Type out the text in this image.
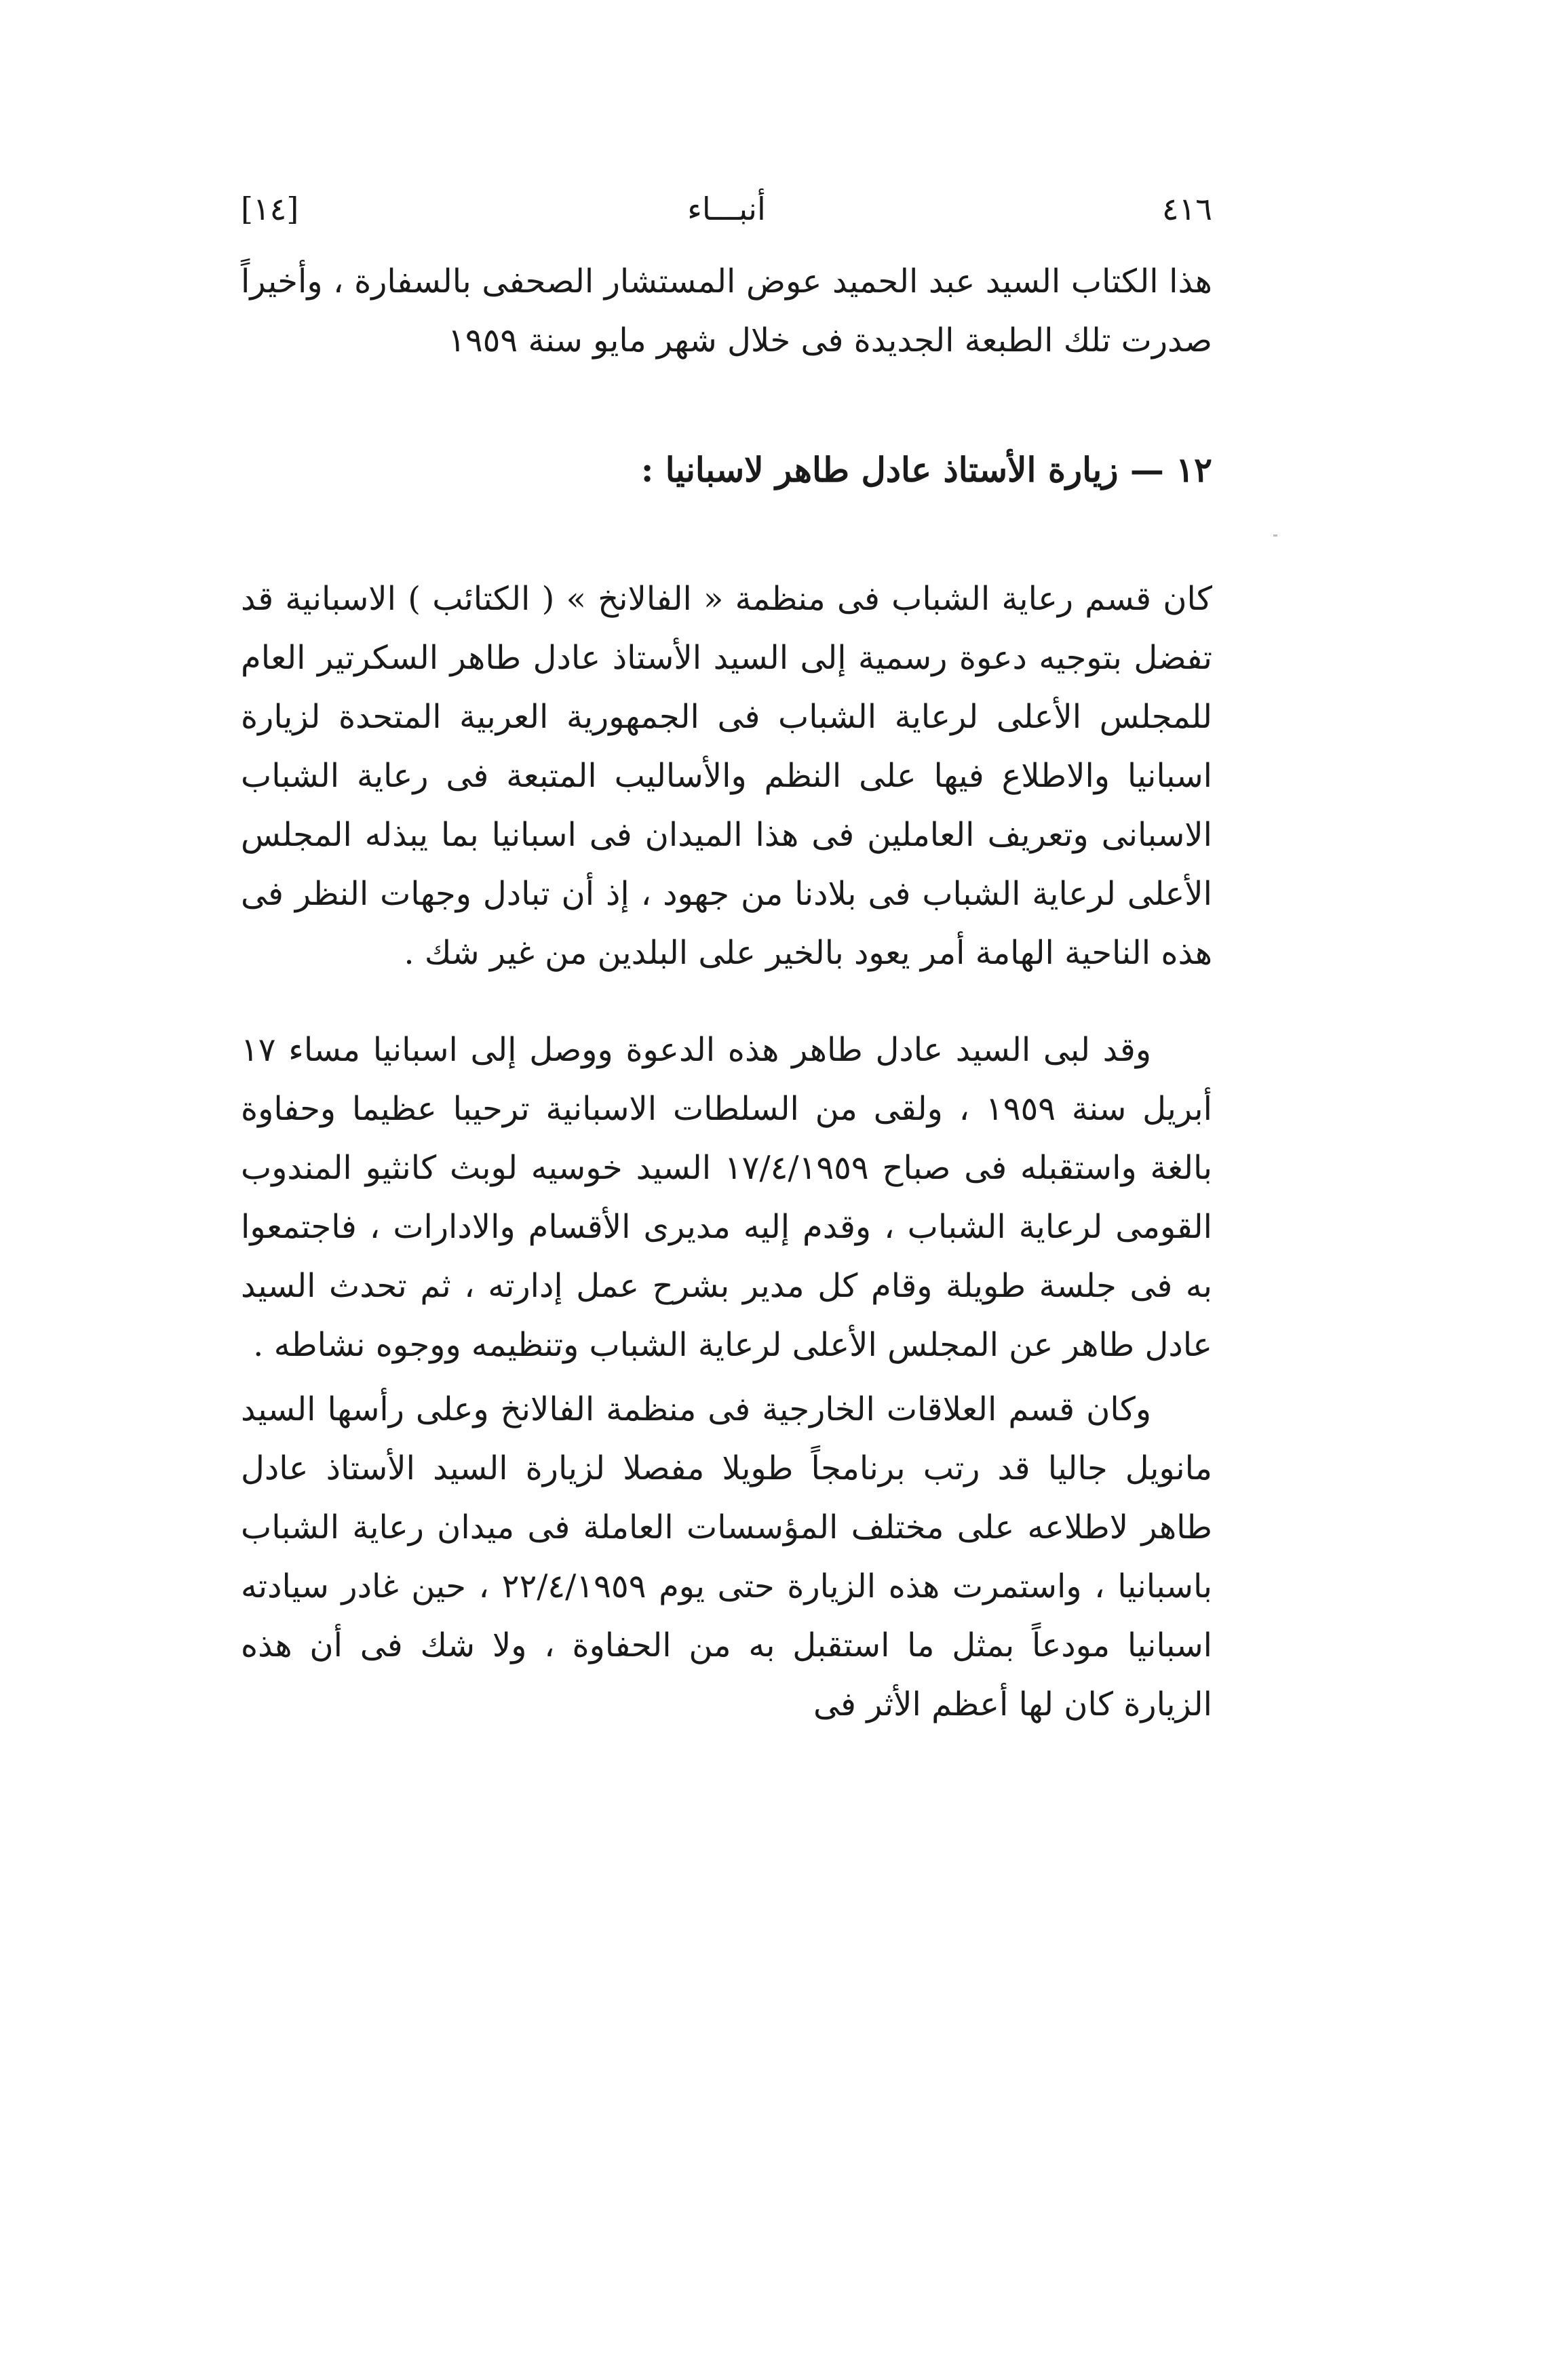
[١٤]	أنبـــاء	٤١٦

هذا الكتاب السيد عبد الحميد عوض المستشار الصحفى بالسفارة ، وأخيراً صدرت تلك الطبعة الجديدة فى خلال شهر مايو سنة ١٩٥٩

١٢ — زيارة الأستاذ عادل طاهر لاسبانيا :

كان قسم رعاية الشباب فى منظمة « الفالانخ » ( الكتائب ) الاسبانية قد تفضل بتوجيه دعوة رسمية إلى السيد الأستاذ عادل طاهر السكرتير العام للمجلس الأعلى لرعاية الشباب فى الجمهورية العربية المتحدة لزيارة اسبانيا والاطلاع فيها على النظم والأساليب المتبعة فى رعاية الشباب الاسبانى وتعريف العاملين فى هذا الميدان فى اسبانيا بما يبذله المجلس الأعلى لرعاية الشباب فى بلادنا من جهود ، إذ أن تبادل وجهات النظر فى هذه الناحية الهامة أمر يعود بالخير على البلدين من غير شك .

وقد لبى السيد عادل طاهر هذه الدعوة ووصل إلى اسبانيا مساء ١٧ أبريل سنة ١٩٥٩ ، ولقى من السلطات الاسبانية ترحيبا عظيما وحفاوة بالغة واستقبله فى صباح ١٧/٤/١٩٥٩ السيد خوسيه لوبث كانثيو المندوب القومى لرعاية الشباب ، وقدم إليه مديرى الأقسام والادارات ، فاجتمعوا به فى جلسة طويلة وقام كل مدير بشرح عمل إدارته ، ثم تحدث السيد عادل طاهر عن المجلس الأعلى لرعاية الشباب وتنظيمه ووجوه نشاطه .

وكان قسم العلاقات الخارجية فى منظمة الفالانخ وعلى رأسها السيد مانويل جاليا قد رتب برنامجاً طويلا مفصلا لزيارة السيد الأستاذ عادل طاهر لاطلاعه على مختلف المؤسسات العاملة فى ميدان رعاية الشباب باسبانيا ، واستمرت هذه الزيارة حتى يوم ٢٢/٤/١٩٥٩ ، حين غادر سيادته اسبانيا مودعاً بمثل ما استقبل به من الحفاوة ، ولا شك فى أن هذه الزيارة كان لها أعظم الأثر فى
